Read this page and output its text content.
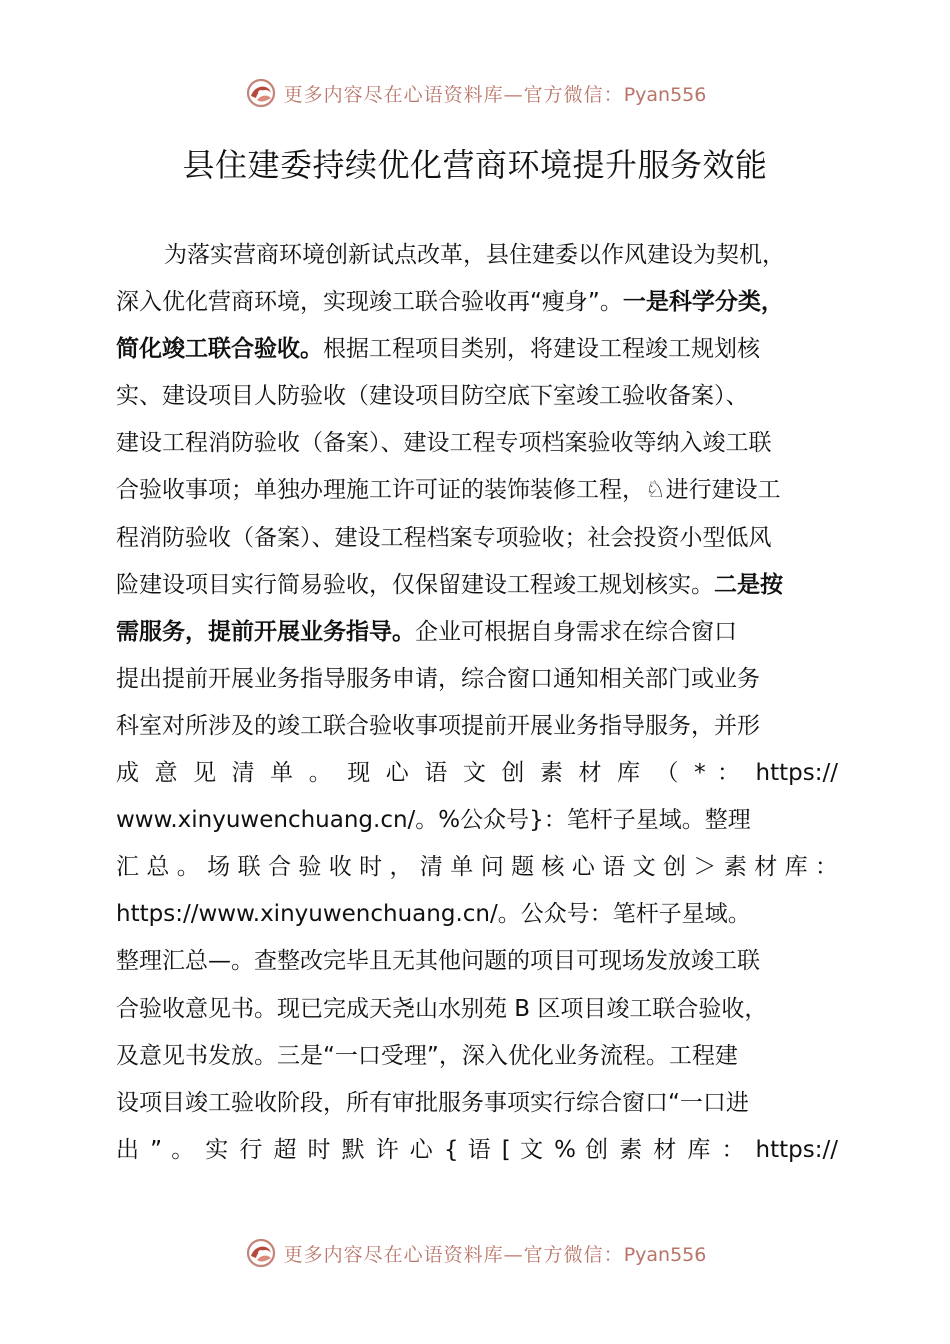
更多内容尽在心语资料库—官方微信：Pyan556
县住建委持续优化营商环境提升服务效能
为落实营商环境创新试点改革，县住建委以作风建设为契机，
深入优化营商环境，实现竣工联合验收再“瘦身”。一是科学分类，
简化竣工联合验收。根据工程项目类别，将建设工程竣工规划核
实、建设项目人防验收（建设项目防空底下室竣工验收备案）、
建设工程消防验收（备案）、建设工程专项档案验收等纳入竣工联
合验收事项；单独办理施工许可证的装饰装修工程，♘进行建设工
程消防验收（备案）、建设工程档案专项验收；社会投资小型低风
险建设项目实行简易验收，仅保留建设工程竣工规划核实。二是按
需服务，提前开展业务指导。企业可根据自身需求在综合窗口
提出提前开展业务指导服务申请，综合窗口通知相关部门或业务
科室对所涉及的竣工联合验收事项提前开展业务指导服务，并形
成 意 见 清 单 。 现 心 语 文 创 素 材 库 （ * ： https://
www.xinyuwenchuang.cn/。%公众号}：笔杆子星域。整理
汇总。场联合验收时，清单问题核心语文创＞素材库：
https://www.xinyuwenchuang.cn/。公众号：笔杆子星域。
整理汇总—。查整改完毕且无其他问题的项目可现场发放竣工联
合验收意见书。现已完成天尧山水别苑 B 区项目竣工联合验收，
及意见书发放。三是“一口受理”，深入优化业务流程。工程建
设项目竣工验收阶段，所有审批服务事项实行综合窗口“一口进
出 ” 。 实 行 超 时 默 许 心 { 语 [ 文 % 创 素 材 库 ： https://
更多内容尽在心语资料库—官方微信：Pyan556
